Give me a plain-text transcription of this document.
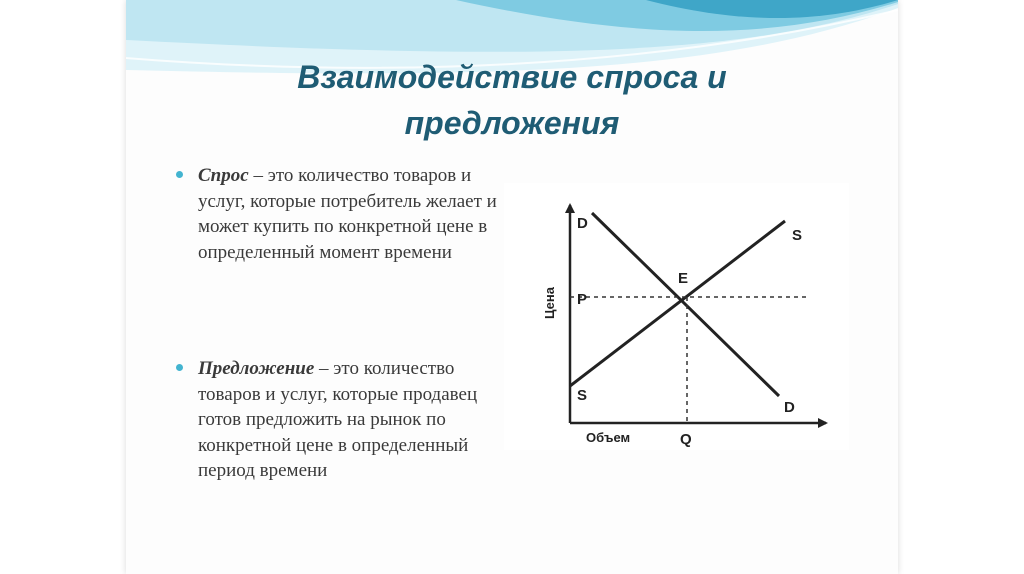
Взаимодействие спроса и
предложения
Спрос – это количество товаров и услуг, которые потребитель желает и может купить по конкретной цене в определенный момент времени
Предложение – это количество товаров и услуг, которые продавец готов предложить на рынок по конкретной цене в определенный период времени
D
S
E
P
S
D
Q
Объем
Цена
